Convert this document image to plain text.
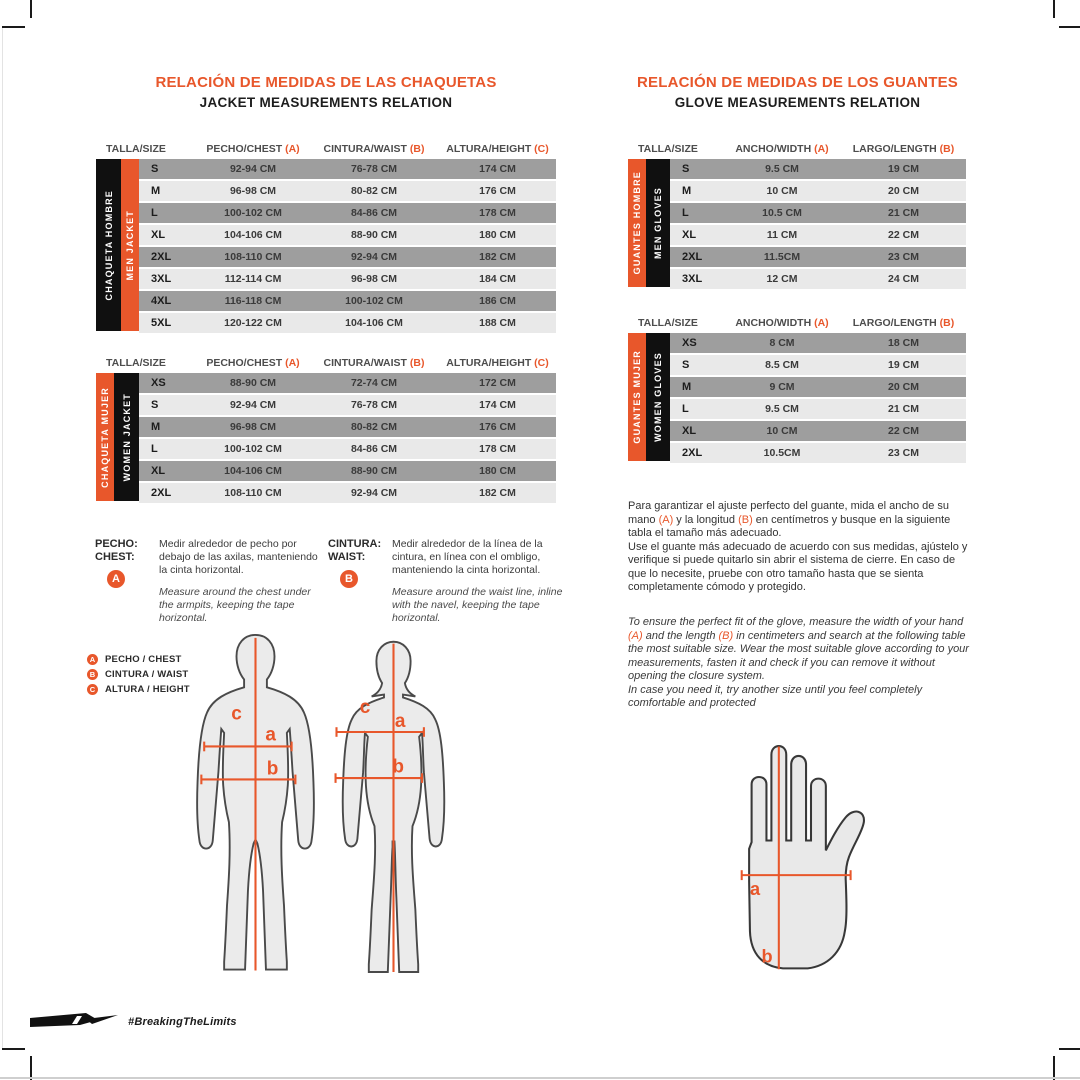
RELACIÓN DE MEDIDAS DE LAS CHAQUETAS
JACKET MEASUREMENTS RELATION
TALLA/SIZE	PECHO/CHEST (A)	CINTURA/WAIST (B)	ALTURA/HEIGHT (C)
CHAQUETA HOMBRE MEN JACKET
S	92-94 CM	76-78 CM	174 CM
M	96-98 CM	80-82 CM	176 CM
L	100-102 CM	84-86 CM	178 CM
XL	104-106 CM	88-90 CM	180 CM
2XL	108-110 CM	92-94 CM	182 CM
3XL	112-114 CM	96-98 CM	184 CM
4XL	116-118 CM	100-102 CM	186 CM
5XL	120-122 CM	104-106 CM	188 CM
TALLA/SIZE	PECHO/CHEST (A)	CINTURA/WAIST (B)	ALTURA/HEIGHT (C)
CHAQUETA MUJER WOMEN JACKET
XS	88-90 CM	72-74 CM	172 CM
S	92-94 CM	76-78 CM	174 CM
M	96-98 CM	80-82 CM	176 CM
L	100-102 CM	84-86 CM	178 CM
XL	104-106 CM	88-90 CM	180 CM
2XL	108-110 CM	92-94 CM	182 CM
PECHO:
CHEST:
A
Medir alrededor de pecho por debajo de las axilas, manteniendo la cinta horizontal.
Measure around the chest under the armpits, keeping the tape horizontal.
CINTURA:
WAIST:
B
Medir alrededor de la línea de la cintura, en línea con el ombligo, manteniendo la cinta horizontal.
Measure around the waist line, inline with the navel, keeping the tape horizontal.
A PECHO / CHEST
B CINTURA / WAIST
C ALTURA / HEIGHT
c
a
b
c
a
b
RELACIÓN DE MEDIDAS DE LOS GUANTES
GLOVE MEASUREMENTS RELATION
TALLA/SIZE	ANCHO/WIDTH (A)	LARGO/LENGTH (B)
GUANTES HOMBRE MEN GLOVES
S	9.5 CM	19 CM
M	10 CM	20 CM
L	10.5 CM	21 CM
XL	11 CM	22 CM
2XL	11.5CM	23 CM
3XL	12 CM	24 CM
TALLA/SIZE	ANCHO/WIDTH (A)	LARGO/LENGTH (B)
GUANTES MUJER WOMEN GLOVES
XS	8 CM	18 CM
S	8.5 CM	19 CM
M	9 CM	20 CM
L	9.5 CM	21 CM
XL	10 CM	22 CM
2XL	10.5CM	23 CM
Para garantizar el ajuste perfecto del guante, mida el ancho de su mano (A) y la longitud (B) en centímetros y busque en la siguiente tabla el tamaño más adecuado.
Use el guante más adecuado de acuerdo con sus medidas, ajústelo y verifique si puede quitarlo sin abrir el sistema de cierre. En caso de que lo necesite, pruebe con otro tamaño hasta que se sienta completamente cómodo y protegido.
To ensure the perfect fit of the glove, measure the width of your hand (A) and the length (B) in centimeters and search at the following table the most suitable size. Wear the most suitable glove according to your measurements, fasten it and check if you can remove it without opening the closure system.
In case you need it, try another size until you feel completely comfortable and protected
a
b
#BreakingTheLimits
